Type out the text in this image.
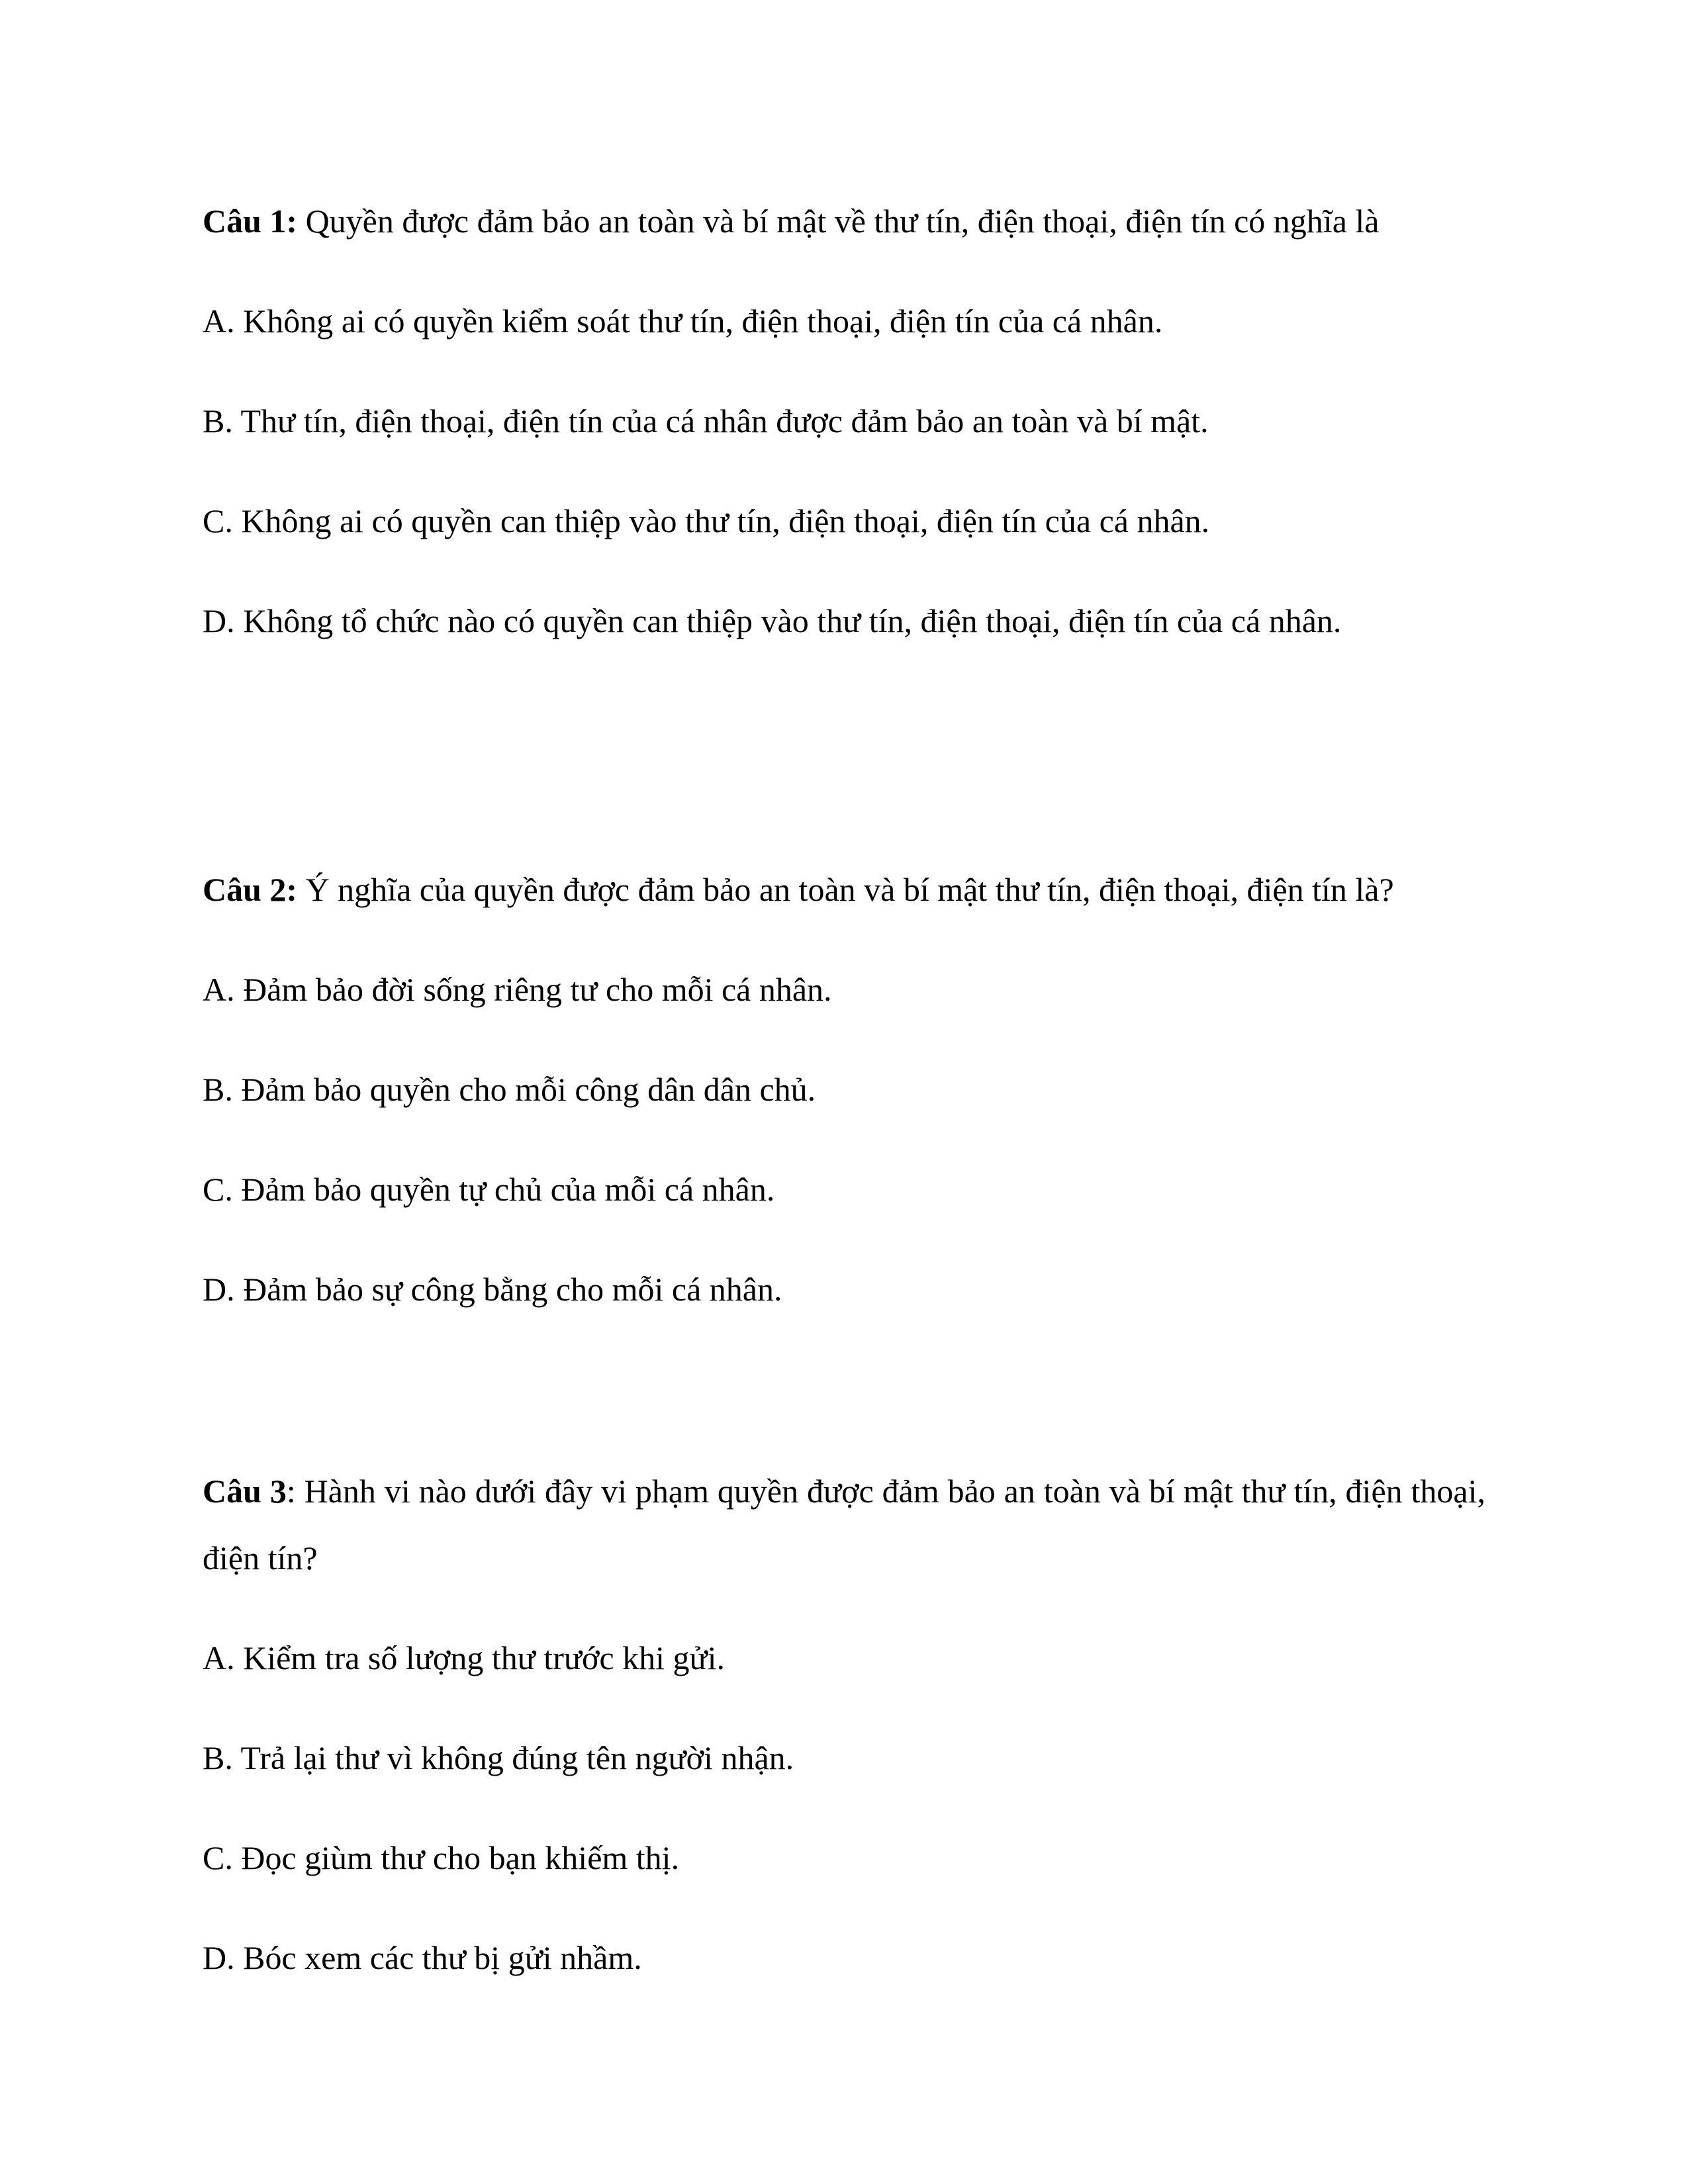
Câu 1: Quyền được đảm bảo an toàn và bí mật về thư tín, điện thoại, điện tín có nghĩa là

A. Không ai có quyền kiểm soát thư tín, điện thoại, điện tín của cá nhân.

B. Thư tín, điện thoại, điện tín của cá nhân được đảm bảo an toàn và bí mật.

C. Không ai có quyền can thiệp vào thư tín, điện thoại, điện tín của cá nhân.

D. Không tổ chức nào có quyền can thiệp vào thư tín, điện thoại, điện tín của cá nhân.

Câu 2: Ý nghĩa của quyền được đảm bảo an toàn và bí mật thư tín, điện thoại, điện tín là?

A. Đảm bảo đời sống riêng tư cho mỗi cá nhân.

B. Đảm bảo quyền cho mỗi công dân dân chủ.

C. Đảm bảo quyền tự chủ của mỗi cá nhân.

D. Đảm bảo sự công bằng cho mỗi cá nhân.

Câu 3: Hành vi nào dưới đây vi phạm quyền được đảm bảo an toàn và bí mật thư tín, điện thoại, điện tín?

A. Kiểm tra số lượng thư trước khi gửi.

B. Trả lại thư vì không đúng tên người nhận.

C. Đọc giùm thư cho bạn khiếm thị.

D. Bóc xem các thư bị gửi nhầm.
